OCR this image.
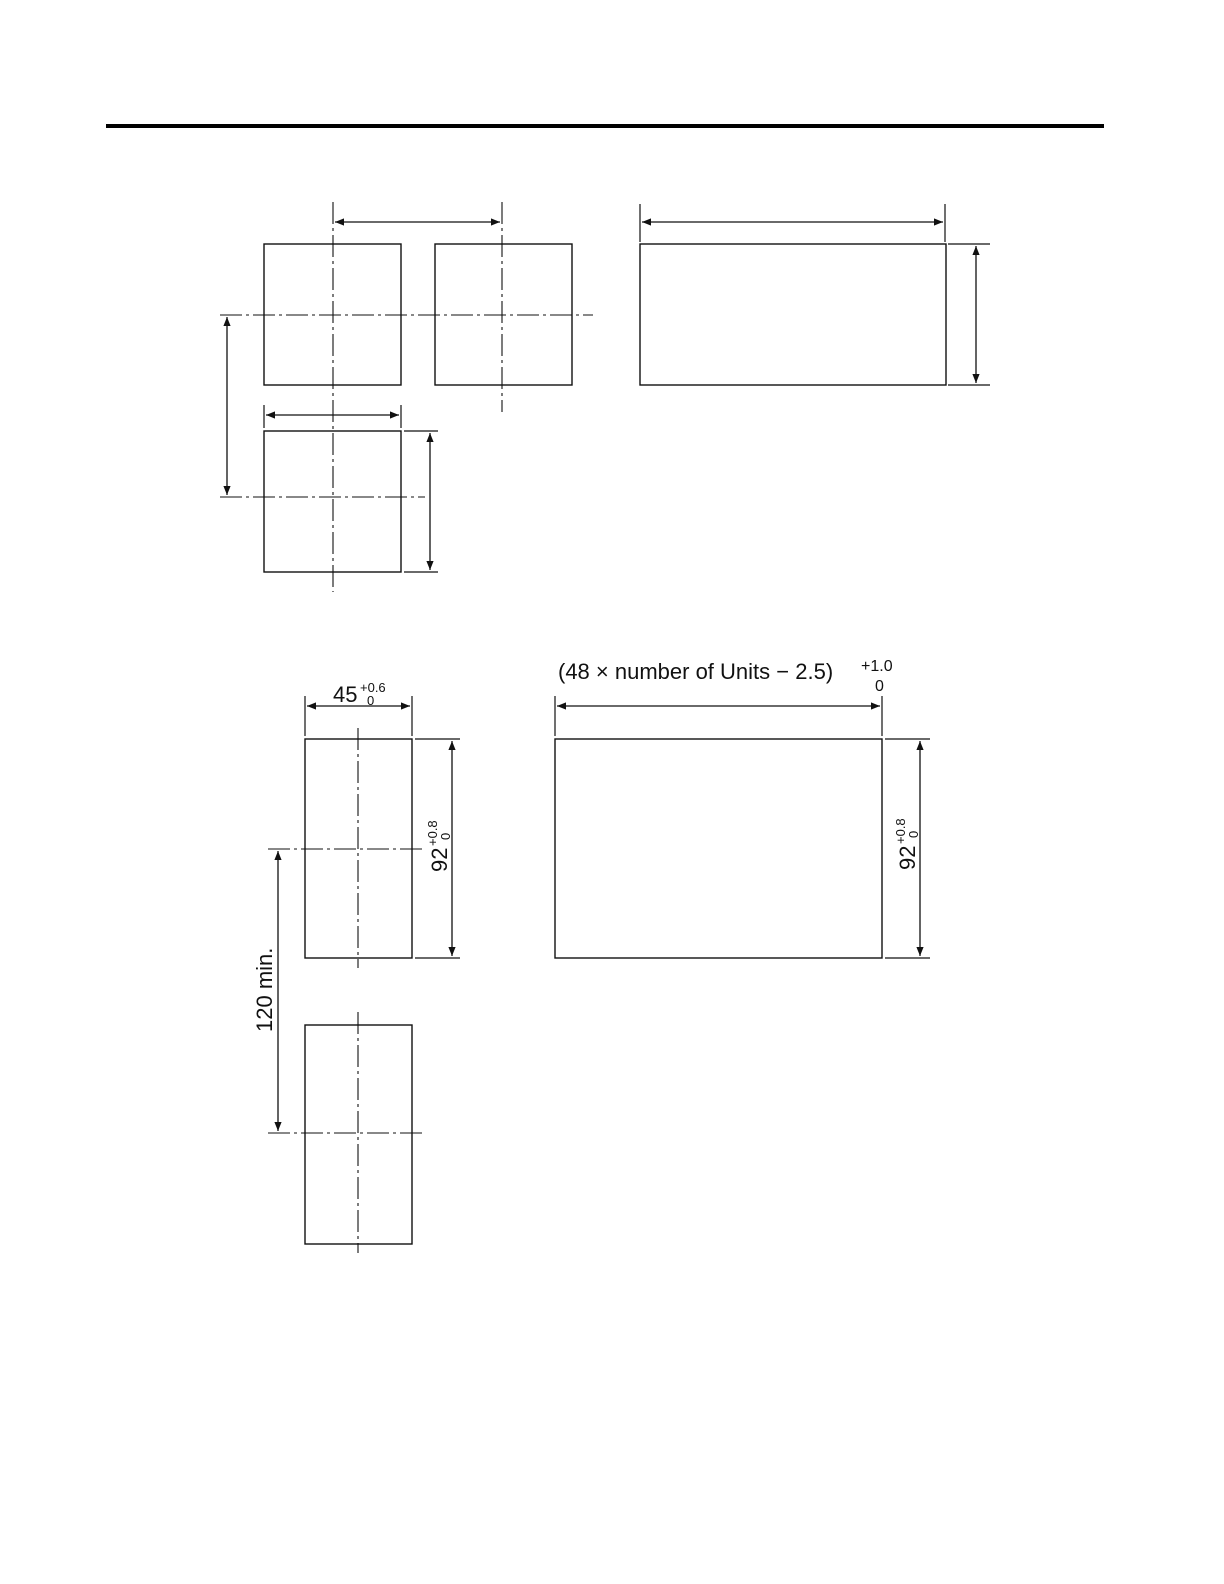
45 +0.6
0
92
+0.8
0
120 min.
(48 × number of Units − 2.5) +1.0
0
92
+0.8
0
